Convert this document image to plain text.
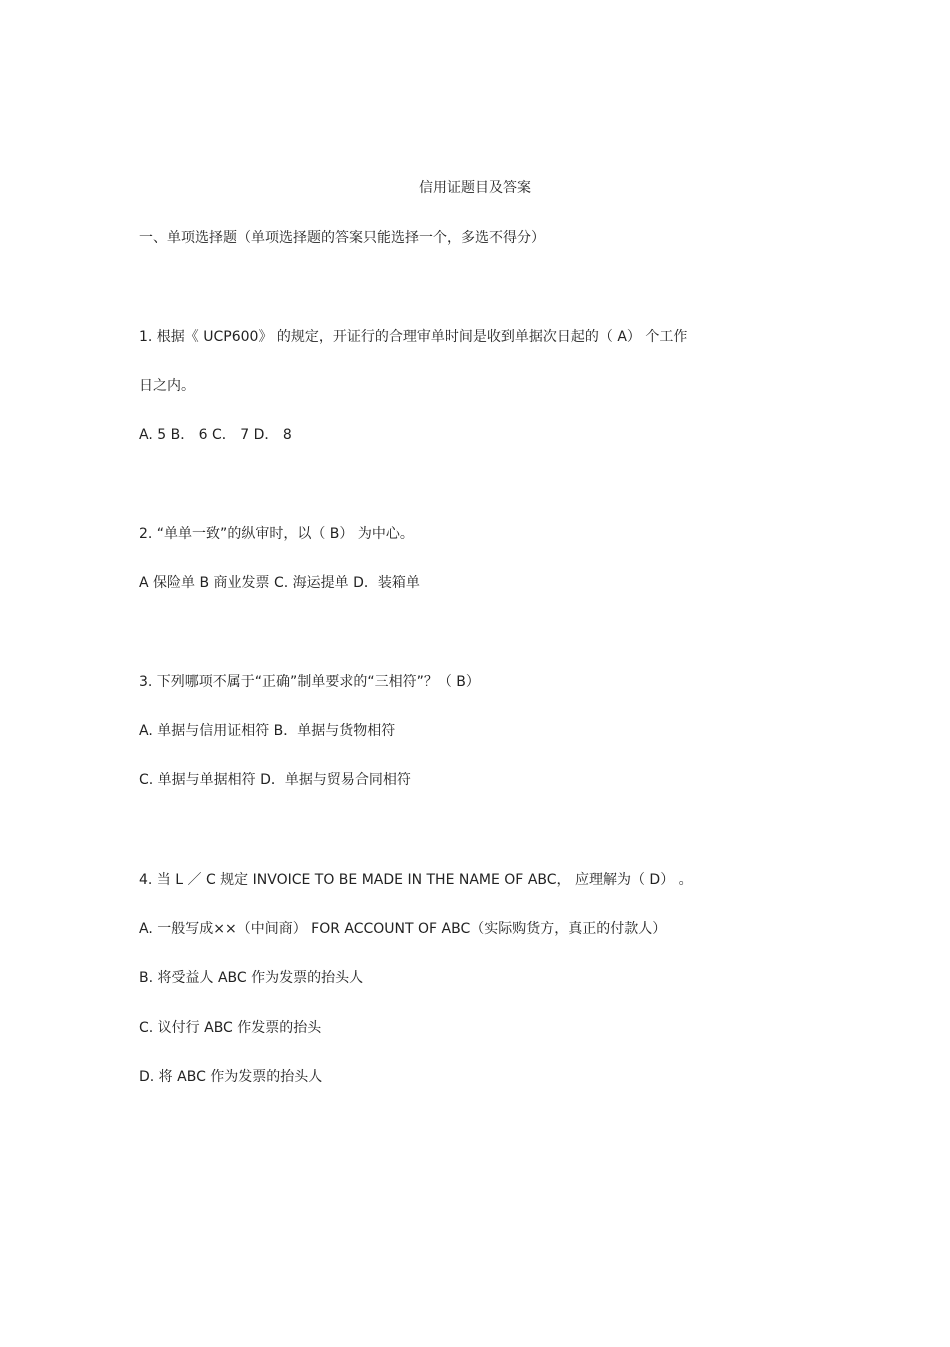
信用证题目及答案
一、单项选择题（单项选择题的答案只能选择一个，多选不得分）
1. 根据《 UCP600》 的规定，开证行的合理审单时间是收到单据次日起的（ A） 个工作
日之内。
A. 5 B． 6 C． 7 D． 8
2. “单单一致”的纵审时，以（ B） 为中心。
A 保险单 B 商业发票 C. 海运提单 D．装箱单
3. 下列哪项不属于“正确”制单要求的“三相符”？（ B）
A. 单据与信用证相符 B．单据与货物相符
C. 单据与单据相符 D．单据与贸易合同相符
4. 当 L ／ C 规定 INVOICE TO BE MADE IN THE NAME OF ABC， 应理解为（ D） 。
A. 一般写成××（中间商） FOR ACCOUNT OF ABC（实际购货方，真正的付款人）
B. 将受益人 ABC 作为发票的抬头人
C. 议付行 ABC 作发票的抬头
D. 将 ABC 作为发票的抬头人
